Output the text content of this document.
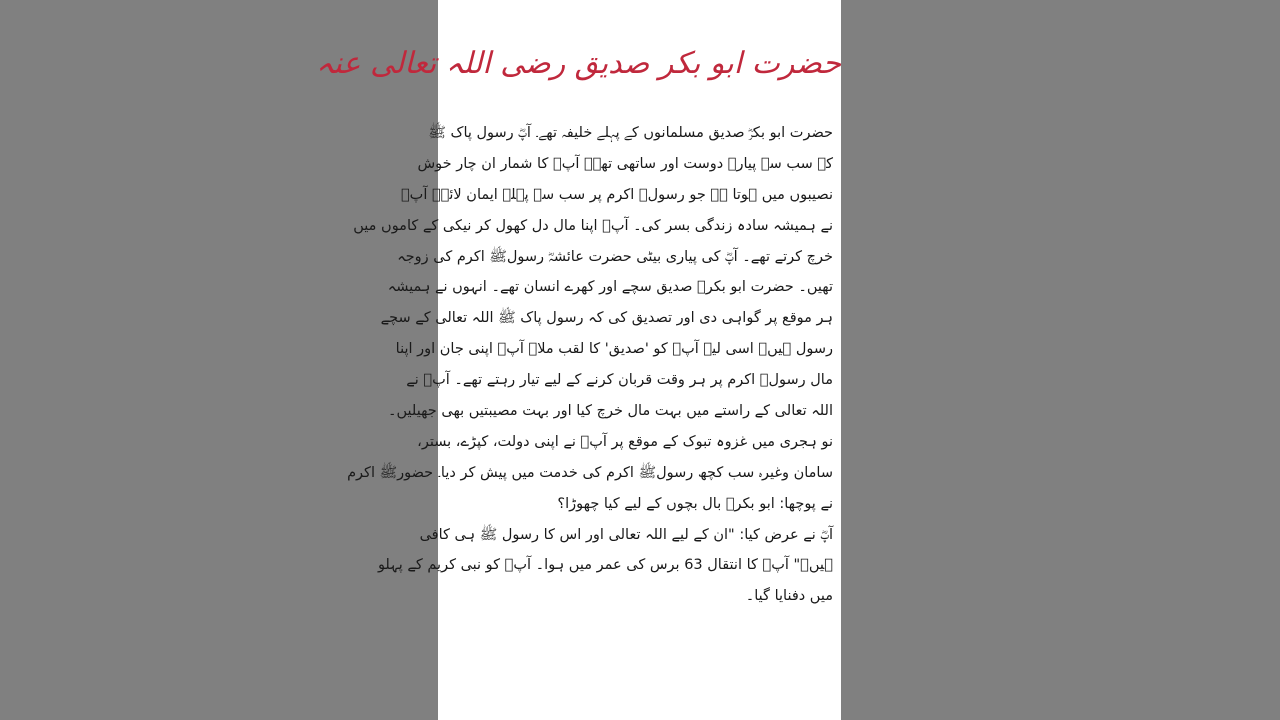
حضرت ابو بکر صدیق رضی اللہ تعالی عنہ
حضرت ابو بکرؓ صدیق مسلمانوں کے پہلے خلیفہ تھے۔ آپؓ رسول پاک ﷺ
کے سب سے پیارے دوست اور ساتھی تھے۔ آپؓ کا شمار ان چار خوش
نصیبوں میں ہوتا ہے جو رسولﷺ اکرم پر سب سے پہلے ایمان لائے۔ آپؓ
نے ہمیشہ سادہ زندگی بسر کی۔ آپؓ اپنا مال دل کھول کر نیکی کے کاموں میں
خرچ کرتے تھے۔ آپؓ کی پیاری بیٹی حضرت عائشہؓ رسولﷺ اکرم کی زوجہ
تھیں۔ حضرت ابو بکرؓ صدیق سچے اور کھرے انسان تھے۔ انہوں نے ہمیشہ
ہر موقع پر گواہی دی اور تصدیق کی کہ رسول پاک ﷺ اللہ تعالی کے سچے
رسول ہیں۔ اسی لیے آپؓ کو 'صدیق' کا لقب ملا۔ آپؓ اپنی جان اور اپنا
مال رسولﷺ اکرم پر ہر وقت قربان کرنے کے لیے تیار رہتے تھے۔ آپؓ نے
اللہ تعالی کے راستے میں بہت مال خرچ کیا اور بہت مصیبتیں بھی جھیلیں۔
نو ہجری میں غزوہ تبوک کے موقع پر آپؓ نے اپنی دولت، کپڑے، بستر،
سامان وغیرہ سب کچھ رسولﷺ اکرم کی خدمت میں پیش کر دیا۔ حضورﷺ اکرم
نے پوچھا: ابو بکرؓ بال بچوں کے لیے کیا چھوڑا؟
آپؓ نے عرض کیا: "ان کے لیے اللہ تعالی اور اس کا رسول ﷺ ہی کافی
ہیں۔" آپؓ کا انتقال 63 برس کی عمر میں ہوا۔ آپؓ کو نبی کریم کے پہلو
میں دفنایا گیا۔
